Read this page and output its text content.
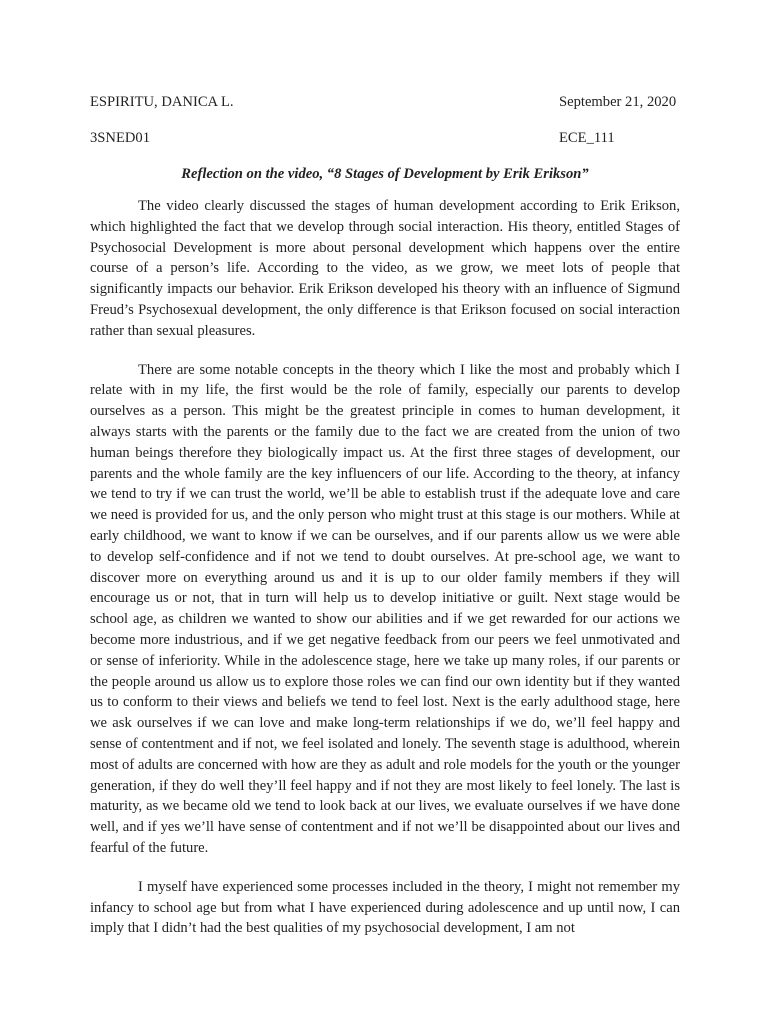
ESPIRITU, DANICA L.	September 21, 2020
3SNED01	ECE_111
Reflection on the video, “8 Stages of Development by Erik Erikson”

The video clearly discussed the stages of human development according to Erik Erikson, which highlighted the fact that we develop through social interaction. His theory, entitled Stages of Psychosocial Development is more about personal development which happens over the entire course of a person’s life. According to the video, as we grow, we meet lots of people that significantly impacts our behavior. Erik Erikson developed his theory with an influence of Sigmund Freud’s Psychosexual development, the only difference is that Erikson focused on social interaction rather than sexual pleasures.

There are some notable concepts in the theory which I like the most and probably which I relate with in my life, the first would be the role of family, especially our parents to develop ourselves as a person. This might be the greatest principle in comes to human development, it always starts with the parents or the family due to the fact we are created from the union of two human beings therefore they biologically impact us. At the first three stages of development, our parents and the whole family are the key influencers of our life. According to the theory, at infancy we tend to try if we can trust the world, we’ll be able to establish trust if the adequate love and care we need is provided for us, and the only person who might trust at this stage is our mothers. While at early childhood, we want to know if we can be ourselves, and if our parents allow us we were able to develop self-confidence and if not we tend to doubt ourselves. At pre-school age, we want to discover more on everything around us and it is up to our older family members if they will encourage us or not, that in turn will help us to develop initiative or guilt. Next stage would be school age, as children we wanted to show our abilities and if we get rewarded for our actions we become more industrious, and if we get negative feedback from our peers we feel unmotivated and or sense of inferiority. While in the adolescence stage, here we take up many roles, if our parents or the people around us allow us to explore those roles we can find our own identity but if they wanted us to conform to their views and beliefs we tend to feel lost. Next is the early adulthood stage, here we ask ourselves if we can love and make long-term relationships if we do, we’ll feel happy and sense of contentment and if not, we feel isolated and lonely. The seventh stage is adulthood, wherein most of adults are concerned with how are they as adult and role models for the youth or the younger generation, if they do well they’ll feel happy and if not they are most likely to feel lonely. The last is maturity, as we became old we tend to look back at our lives, we evaluate ourselves if we have done well, and if yes we’ll have sense of contentment and if not we’ll be disappointed about our lives and fearful of the future.

I myself have experienced some processes included in the theory, I might not remember my infancy to school age but from what I have experienced during adolescence and up until now, I can imply that I didn’t had the best qualities of my psychosocial development, I am not
